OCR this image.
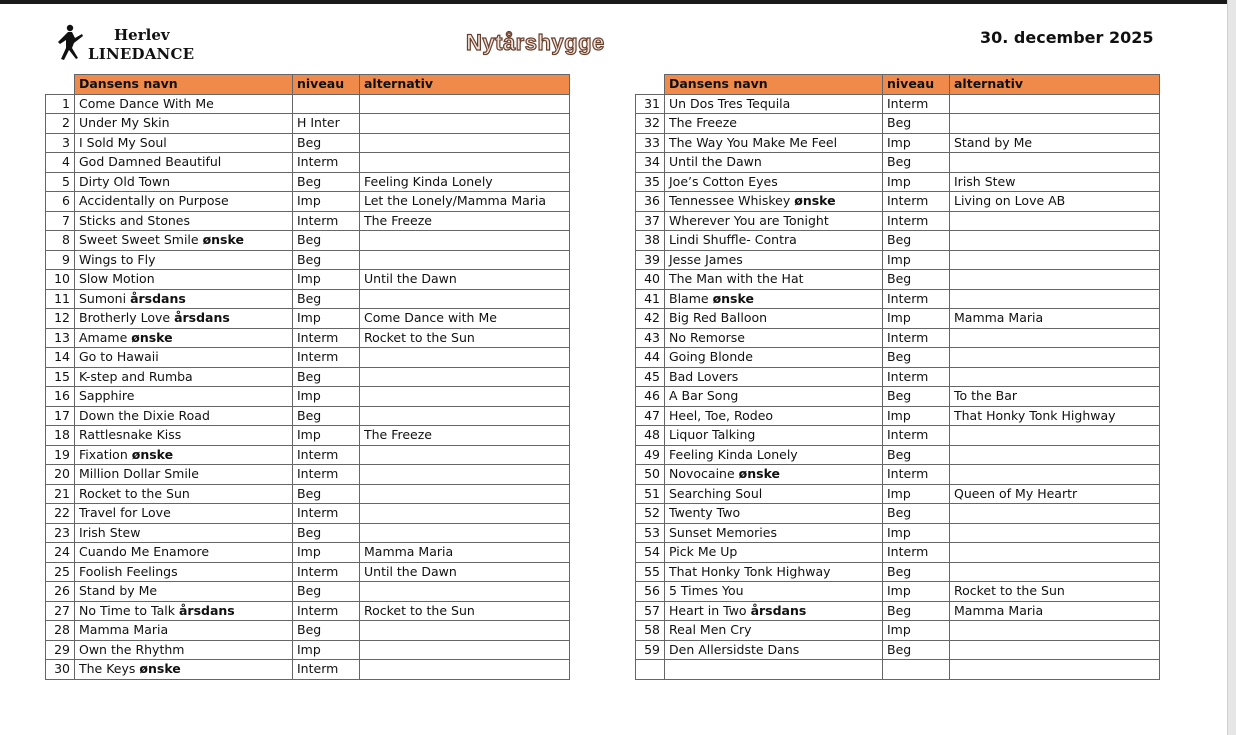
Herlev
LINEDANCE	Nytårshygge	30. december 2025
	Dansens navn	niveau	alternativ
1	Come Dance With Me		
2	Under My Skin	H Inter	
3	I Sold My Soul	Beg	
4	God Damned Beautiful	Interm	
5	Dirty Old Town	Beg	Feeling Kinda Lonely
6	Accidentally on Purpose	Imp	Let the Lonely/Mamma Maria
7	Sticks and Stones	Interm	The Freeze
8	Sweet Sweet Smile ønske	Beg	
9	Wings to Fly	Beg	
10	Slow Motion	Imp	Until the Dawn
11	Sumoni årsdans	Beg	
12	Brotherly Love årsdans	Imp	Come Dance with Me
13	Amame ønske	Interm	Rocket to the Sun
14	Go to Hawaii	Interm	
15	K-step and Rumba	Beg	
16	Sapphire	Imp	
17	Down the Dixie Road	Beg	
18	Rattlesnake Kiss	Imp	The Freeze
19	Fixation ønske	Interm	
20	Million Dollar Smile	Interm	
21	Rocket to the Sun	Beg	
22	Travel for Love	Interm	
23	Irish Stew	Beg	
24	Cuando Me Enamore	Imp	Mamma Maria
25	Foolish Feelings	Interm	Until the Dawn
26	Stand by Me	Beg	
27	No Time to Talk årsdans	Interm	Rocket to the Sun
28	Mamma Maria	Beg	
29	Own the Rhythm	Imp	
30	The Keys ønske	Interm	
	Dansens navn	niveau	alternativ
31	Un Dos Tres Tequila	Interm	
32	The Freeze	Beg	
33	The Way You Make Me Feel	Imp	Stand by Me
34	Until the Dawn	Beg	
35	Joe’s Cotton Eyes	Imp	Irish Stew
36	Tennessee Whiskey ønske	Interm	Living on Love AB
37	Wherever You are Tonight	Interm	
38	Lindi Shuffle- Contra	Beg	
39	Jesse James	Imp	
40	The Man with the Hat	Beg	
41	Blame ønske	Interm	
42	Big Red Balloon	Imp	Mamma Maria
43	No Remorse	Interm	
44	Going Blonde	Beg	
45	Bad Lovers	Interm	
46	A Bar Song	Beg	To the Bar
47	Heel, Toe, Rodeo	Imp	That Honky Tonk Highway
48	Liquor Talking	Interm	
49	Feeling Kinda Lonely	Beg	
50	Novocaine ønske	Interm	
51	Searching Soul	Imp	Queen of My Heartr
52	Twenty Two	Beg	
53	Sunset Memories	Imp	
54	Pick Me Up	Interm	
55	That Honky Tonk Highway	Beg	
56	5 Times You	Imp	Rocket to the Sun
57	Heart in Two årsdans	Beg	Mamma Maria
58	Real Men Cry	Imp	
59	Den Allersidste Dans	Beg	
